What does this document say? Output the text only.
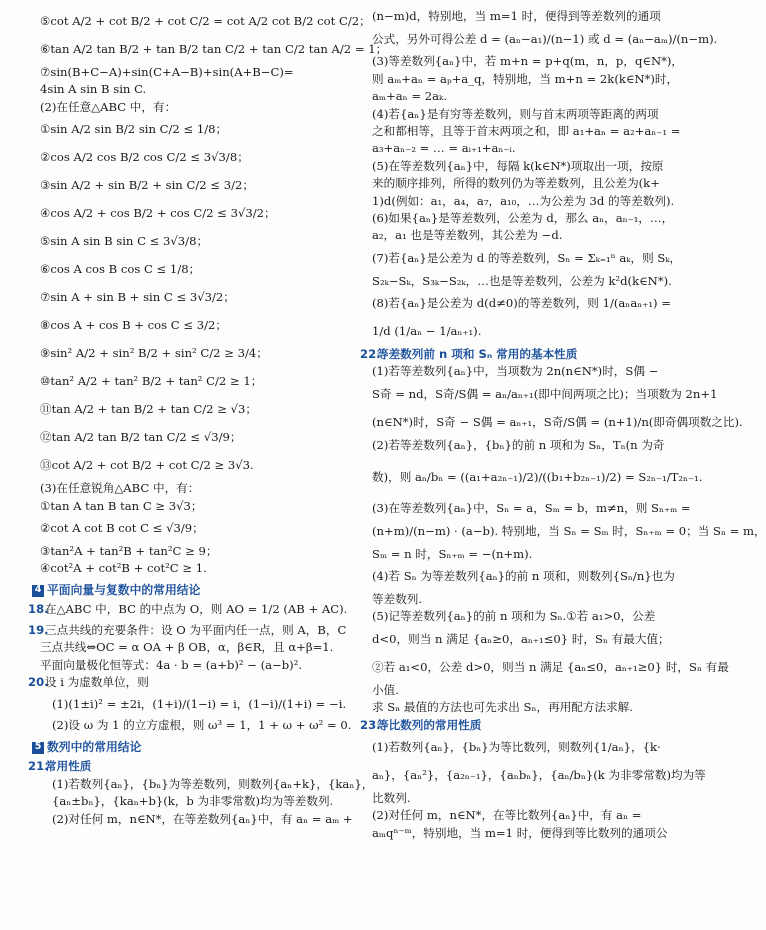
⑤cot A/2 + cot B/2 + cot C/2 = cot A/2 cot B/2 cot C/2；
⑥tan A/2 tan B/2 + tan B/2 tan C/2 + tan C/2 tan A/2 = 1；
⑦sin(B+C−A)+sin(C+A−B)+sin(A+B−C)=
4sin A sin B sin C.
(2)在任意△ABC 中，有：
①sin A/2 sin B/2 sin C/2 ≤ 1/8；
②cos A/2 cos B/2 cos C/2 ≤ 3√3/8；
③sin A/2 + sin B/2 + sin C/2 ≤ 3/2；
④cos A/2 + cos B/2 + cos C/2 ≤ 3√3/2；
⑤sin A sin B sin C ≤ 3√3/8；
⑥cos A cos B cos C ≤ 1/8；
⑦sin A + sin B + sin C ≤ 3√3/2；
⑧cos A + cos B + cos C ≤ 3/2；
⑨sin² A/2 + sin² B/2 + sin² C/2 ≥ 3/4；
⑩tan² A/2 + tan² B/2 + tan² C/2 ≥ 1；
⑪tan A/2 + tan B/2 + tan C/2 ≥ √3；
⑫tan A/2 tan B/2 tan C/2 ≤ √3/9；
⑬cot A/2 + cot B/2 + cot C/2 ≥ 3√3.
(3)在任意锐角△ABC 中，有：
①tan A tan B tan C ≥ 3√3；
②cot A cot B cot C ≤ √3/9；
③tan²A + tan²B + tan²C ≥ 9；
④cot²A + cot²B + cot²C ≥ 1.
4 平面向量与复数中的常用结论
18.
在△ABC 中，BC 的中点为 O，则 AO = 1/2 (AB + AC).
19.
三点共线的充要条件：设 O 为平面内任一点，则 A，B，C
三点共线⇔OC = α OA + β OB，α，β∈R，且 α+β=1.
平面向量极化恒等式：4a · b = (a+b)² − (a−b)².
20.
设 i 为虚数单位，则
(1)(1±i)² = ±2i，(1+i)/(1−i) = i，(1−i)/(1+i) = −i.
(2)设 ω 为 1 的立方虚根，则 ω³ = 1，1 + ω + ω² = 0.
5 数列中的常用结论
21.
常用性质
(1)若数列{aₙ}，{bₙ}为等差数列，则数列{aₙ+k}，{kaₙ}，
{aₙ±bₙ}，{kaₙ+b}(k，b 为非零常数)均为等差数列.
(2)对任何 m，n∈N*，在等差数列{aₙ}中，有 aₙ = aₘ +
(n−m)d，特别地，当 m=1 时，便得到等差数列的通项
公式，另外可得公差 d = (aₙ−a₁)/(n−1) 或 d = (aₙ−aₘ)/(n−m).
(3)等差数列{aₙ}中，若 m+n = p+q(m，n，p，q∈N*)，
则 aₘ+aₙ = aₚ+a_q，特别地，当 m+n = 2k(k∈N*)时，
aₘ+aₙ = 2aₖ.
(4)若{aₙ}是有穷等差数列，则与首末两项等距离的两项
之和都相等，且等于首末两项之和，即 a₁+aₙ = a₂+aₙ₋₁ =
a₃+aₙ₋₂ = … = aᵢ₊₁+aₙ₋ᵢ.
(5)在等差数列{aₙ}中，每隔 k(k∈N*)项取出一项，按原
来的顺序排列，所得的数列仍为等差数列，且公差为(k+
1)d(例如：a₁，a₄，a₇，a₁₀，…为公差为 3d 的等差数列).
(6)如果{aₙ}是等差数列，公差为 d，那么 aₙ，aₙ₋₁，…，
a₂，a₁ 也是等差数列，其公差为 −d.
(7)若{aₙ}是公差为 d 的等差数列，Sₙ = Σₖ₌₁ⁿ aₖ，则 Sₖ，
S₂ₖ−Sₖ，S₃ₖ−S₂ₖ，…也是等差数列，公差为 k²d(k∈N*).
(8)若{aₙ}是公差为 d(d≠0)的等差数列，则 1/(aₙaₙ₊₁) =
1/d (1/aₙ − 1/aₙ₊₁).
22.
等差数列前 n 项和 Sₙ 常用的基本性质
(1)若等差数列{aₙ}中，当项数为 2n(n∈N*)时，S偶 −
S奇 = nd，S奇/S偶 = aₙ/aₙ₊₁(即中间两项之比)；当项数为 2n+1
(n∈N*)时，S奇 − S偶 = aₙ₊₁，S奇/S偶 = (n+1)/n(即奇偶项数之比).
(2)若等差数列{aₙ}，{bₙ}的前 n 项和为 Sₙ，Tₙ(n 为奇
数)，则 aₙ/bₙ = ((a₁+a₂ₙ₋₁)/2)/((b₁+b₂ₙ₋₁)/2) = S₂ₙ₋₁/T₂ₙ₋₁.
(3)在等差数列{aₙ}中，Sₙ = a，Sₘ = b，m≠n，则 Sₙ₊ₘ =
(n+m)/(n−m) · (a−b). 特别地，当 Sₙ = Sₘ 时，Sₙ₊ₘ = 0；当 Sₙ = m，
Sₘ = n 时，Sₙ₊ₘ = −(n+m).
(4)若 Sₙ 为等差数列{aₙ}的前 n 项和，则数列{Sₙ/n}也为
等差数列.
(5)记等差数列{aₙ}的前 n 项和为 Sₙ.①若 a₁>0，公差
d<0，则当 n 满足 {aₙ≥0，aₙ₊₁≤0} 时，Sₙ 有最大值；
②若 a₁<0，公差 d>0，则当 n 满足 {aₙ≤0，aₙ₊₁≥0} 时，Sₙ 有最
小值.
求 Sₙ 最值的方法也可先求出 Sₙ，再用配方法求解.
23.
等比数列的常用性质
(1)若数列{aₙ}，{bₙ}为等比数列，则数列{1/aₙ}，{k·
aₙ}，{aₙ²}，{a₂ₙ₋₁}，{aₙbₙ}，{aₙ/bₙ}(k 为非零常数)均为等
比数列.
(2)对任何 m，n∈N*，在等比数列{aₙ}中，有 aₙ =
aₘqⁿ⁻ᵐ，特别地，当 m=1 时，便得到等比数列的通项公
